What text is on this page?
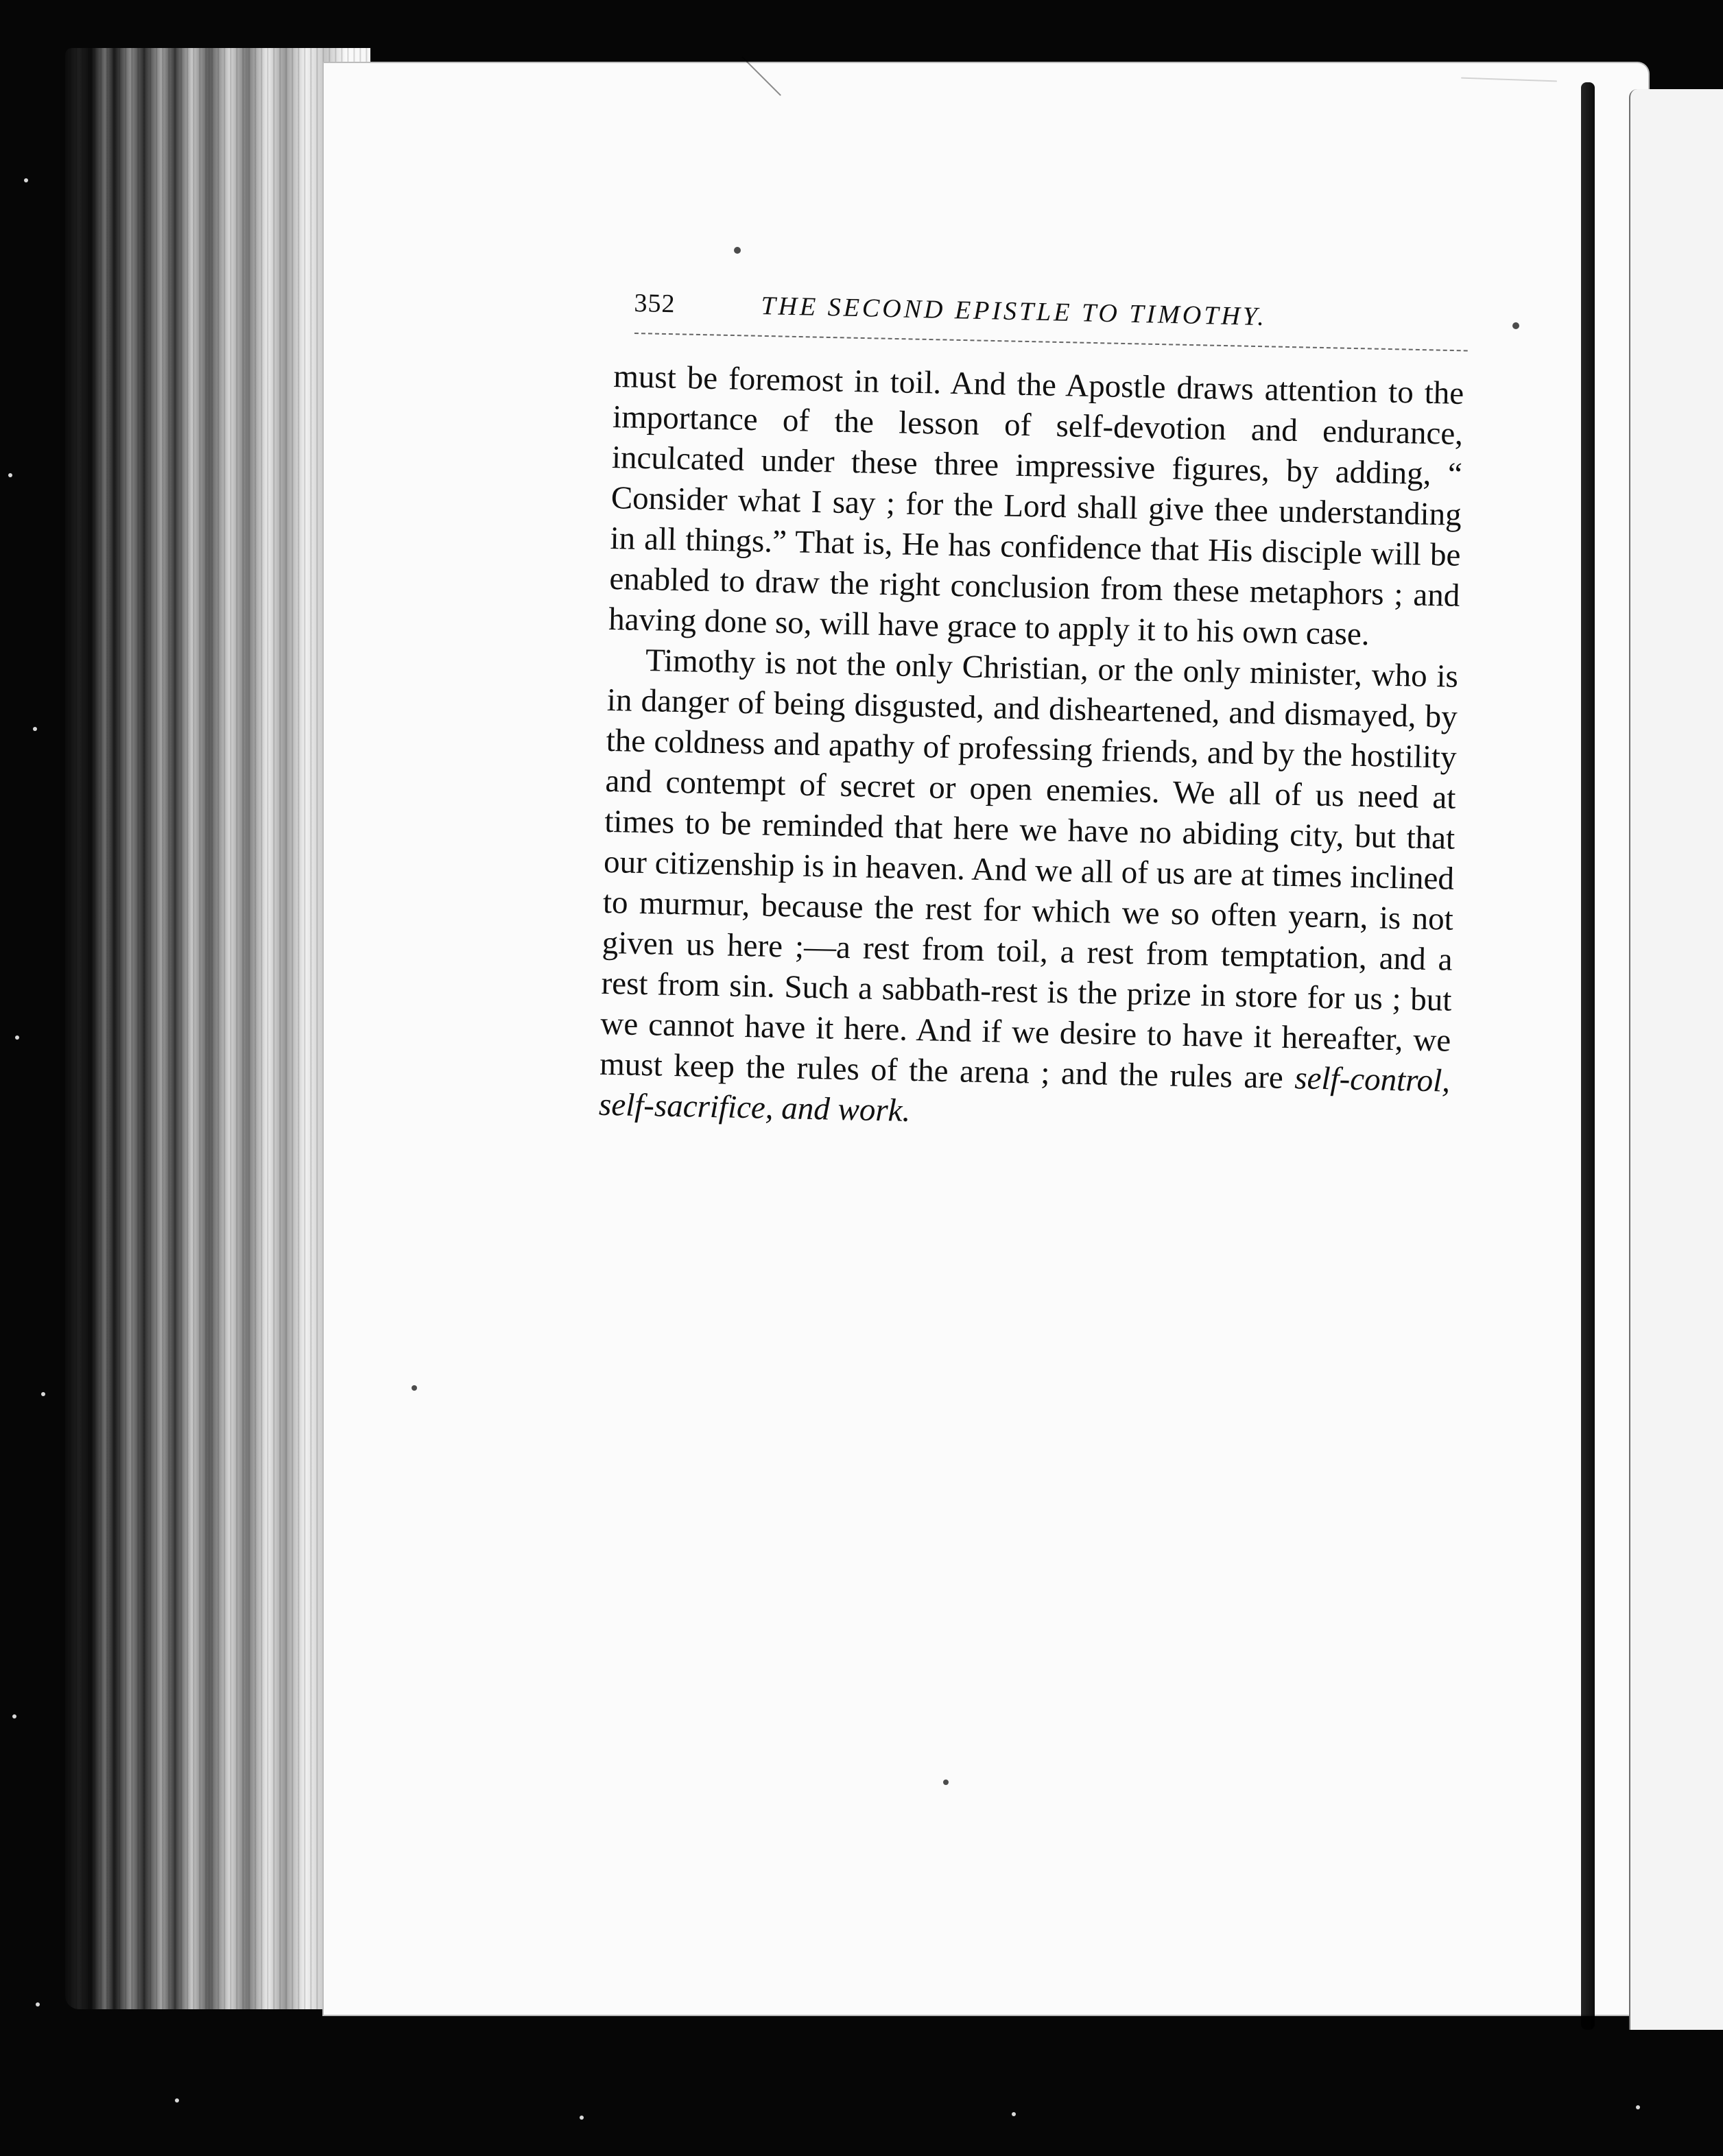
352	THE SECOND EPISTLE TO TIMOTHY.

must be foremost in toil. And the Apostle draws attention to the importance of the lesson of self-devotion and endurance, inculcated under these three impressive figures, by adding, “ Consider what I say ; for the Lord shall give thee understanding in all things.” That is, He has confidence that His disciple will be enabled to draw the right conclusion from these metaphors ; and having done so, will have grace to apply it to his own case.

Timothy is not the only Christian, or the only minister, who is in danger of being disgusted, and disheartened, and dismayed, by the coldness and apathy of professing friends, and by the hostility and contempt of secret or open enemies. We all of us need at times to be reminded that here we have no abiding city, but that our citizenship is in heaven. And we all of us are at times inclined to murmur, because the rest for which we so often yearn, is not given us here ;—a rest from toil, a rest from temptation, and a rest from sin. Such a sabbath-rest is the prize in store for us ; but we cannot have it here. And if we desire to have it hereafter, we must keep the rules of the arena ; and the rules are self-control, self-sacrifice, and work.
